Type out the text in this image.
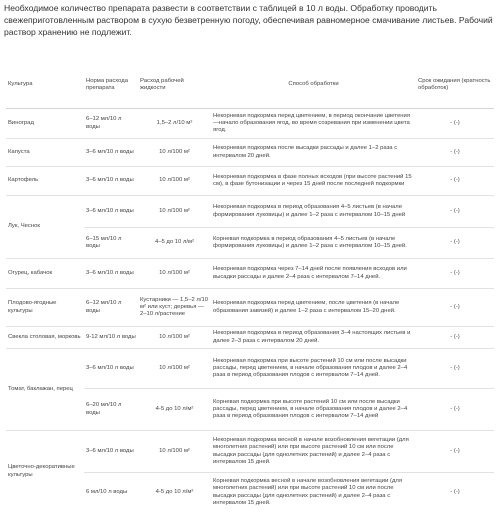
Необходимое количество препарата развести в соответствии с таблицей в 10 л воды. Обработку проводить свежеприготовленным раствором в сухую безветренную погоду, обеспечивая равномерное смачивание листьев. Рабочий раствор хранению не подлежит.

Культура	Норма расхода препарата	Расход рабочей жидкости	Способ обработки	Срок ожидания (кратность обработок)
Виноград	6–12 мл/10 л воды	1,5–2 л/10 м²	Некорневая подкормка перед цветением, в период окончание цветения—начало образования ягод, во время созревания при изменении цвета ягод.	- (-)
Капуста	3–6 мл/10 л воды	10 л/100 м²	Некорневая подкормка после высадки рассады и далее 1–2 раза с интервалом 20 дней.	- (-)
Картофель	3–6 мл/10 л воды	10 л/100 м²	Некорневая подкормка в фазе полных всходов (при высоте растений 15 см), в фазе бутонизации и через 15 дней после последней подкормки	- (-)
Лук, Чеснок	3–6 мл/10 л воды	10 л/100 м²	Некорневая подкормка в период образования 4–5 листьев (в начале формирования луковицы) и далее 1–2 раза с интервалом 10–15 дней	- (-)
	6–15 мл/10 л воды	4–5 до 10 л/м²	Корневая подкормка в период образования 4–5 листьев (в начале формирования луковицы) и далее 1–2 раза с интервалом 10–15 дней.	- (-)
Огурец, кабачок	3–6 мл/10 л воды	10 л/100 м²	Некорневая подкормка через 7–14 дней после появления всходов или высадки рассады и далее 2–4 раза с интервалом 7–14 дней.	- (-)
Плодово-ягодные культуры	6–12 мл/10 л воды	Кустарники — 1,5–2 л/10 м² или куст; деревья — 2–10 л/растение	Некорневая подкормка перед цветением, после цветения (в начале образования завязей) и далее 1–2 раза с интервалом 15–20 дней.	- (-)
Свекла столовая, морковь	9-12 мл/10 л воды	10 л/100 м²	Некорневая подкормка в период образования 3–4 настоящих листьев и далее 2–3 раза с интервалом 20 дней.	- (-)
Томат, баклажан, перец	3–6 мл/10 л воды	10 л/100 м²	Некорневая подкормка при высоте растений 10 см или после высадки рассады, перед цветением, в начале образования плодов и далее 2–4 раза в период образования плодов с интервалом 7–14 дней.	- (-)
	6–20 мл/10 л воды	4-5 до 10 л/м²	Корневая подкормка при высоте растений 10 см или после высадки рассады, перед цветением, в начале образования плодов и далее 2–4 раза в период образования плодов с интервалом 7–14 дней	- (-)
Цветочно-декоративные культуры	3–6 мл/10 л воды	10 л/100 м²	Некорневая подкормка весной в начале возобновления вегетации (для многолетних растений) или при высоте растений 10 см или после высадки рассады (для однолетних растений) и далее 2–4 раза с интервалом 15 дней.	- (-)
	6 мл/10 л воды	4-5 до 10 л/м²	Корневая подкормка весной в начале возобновления вегетации (для многолетних растений) или при высоте растений 10 см или после высадки рассады (для однолетних растений) и далее 2–4 раза с интервалом 15 дней.	- (-)
